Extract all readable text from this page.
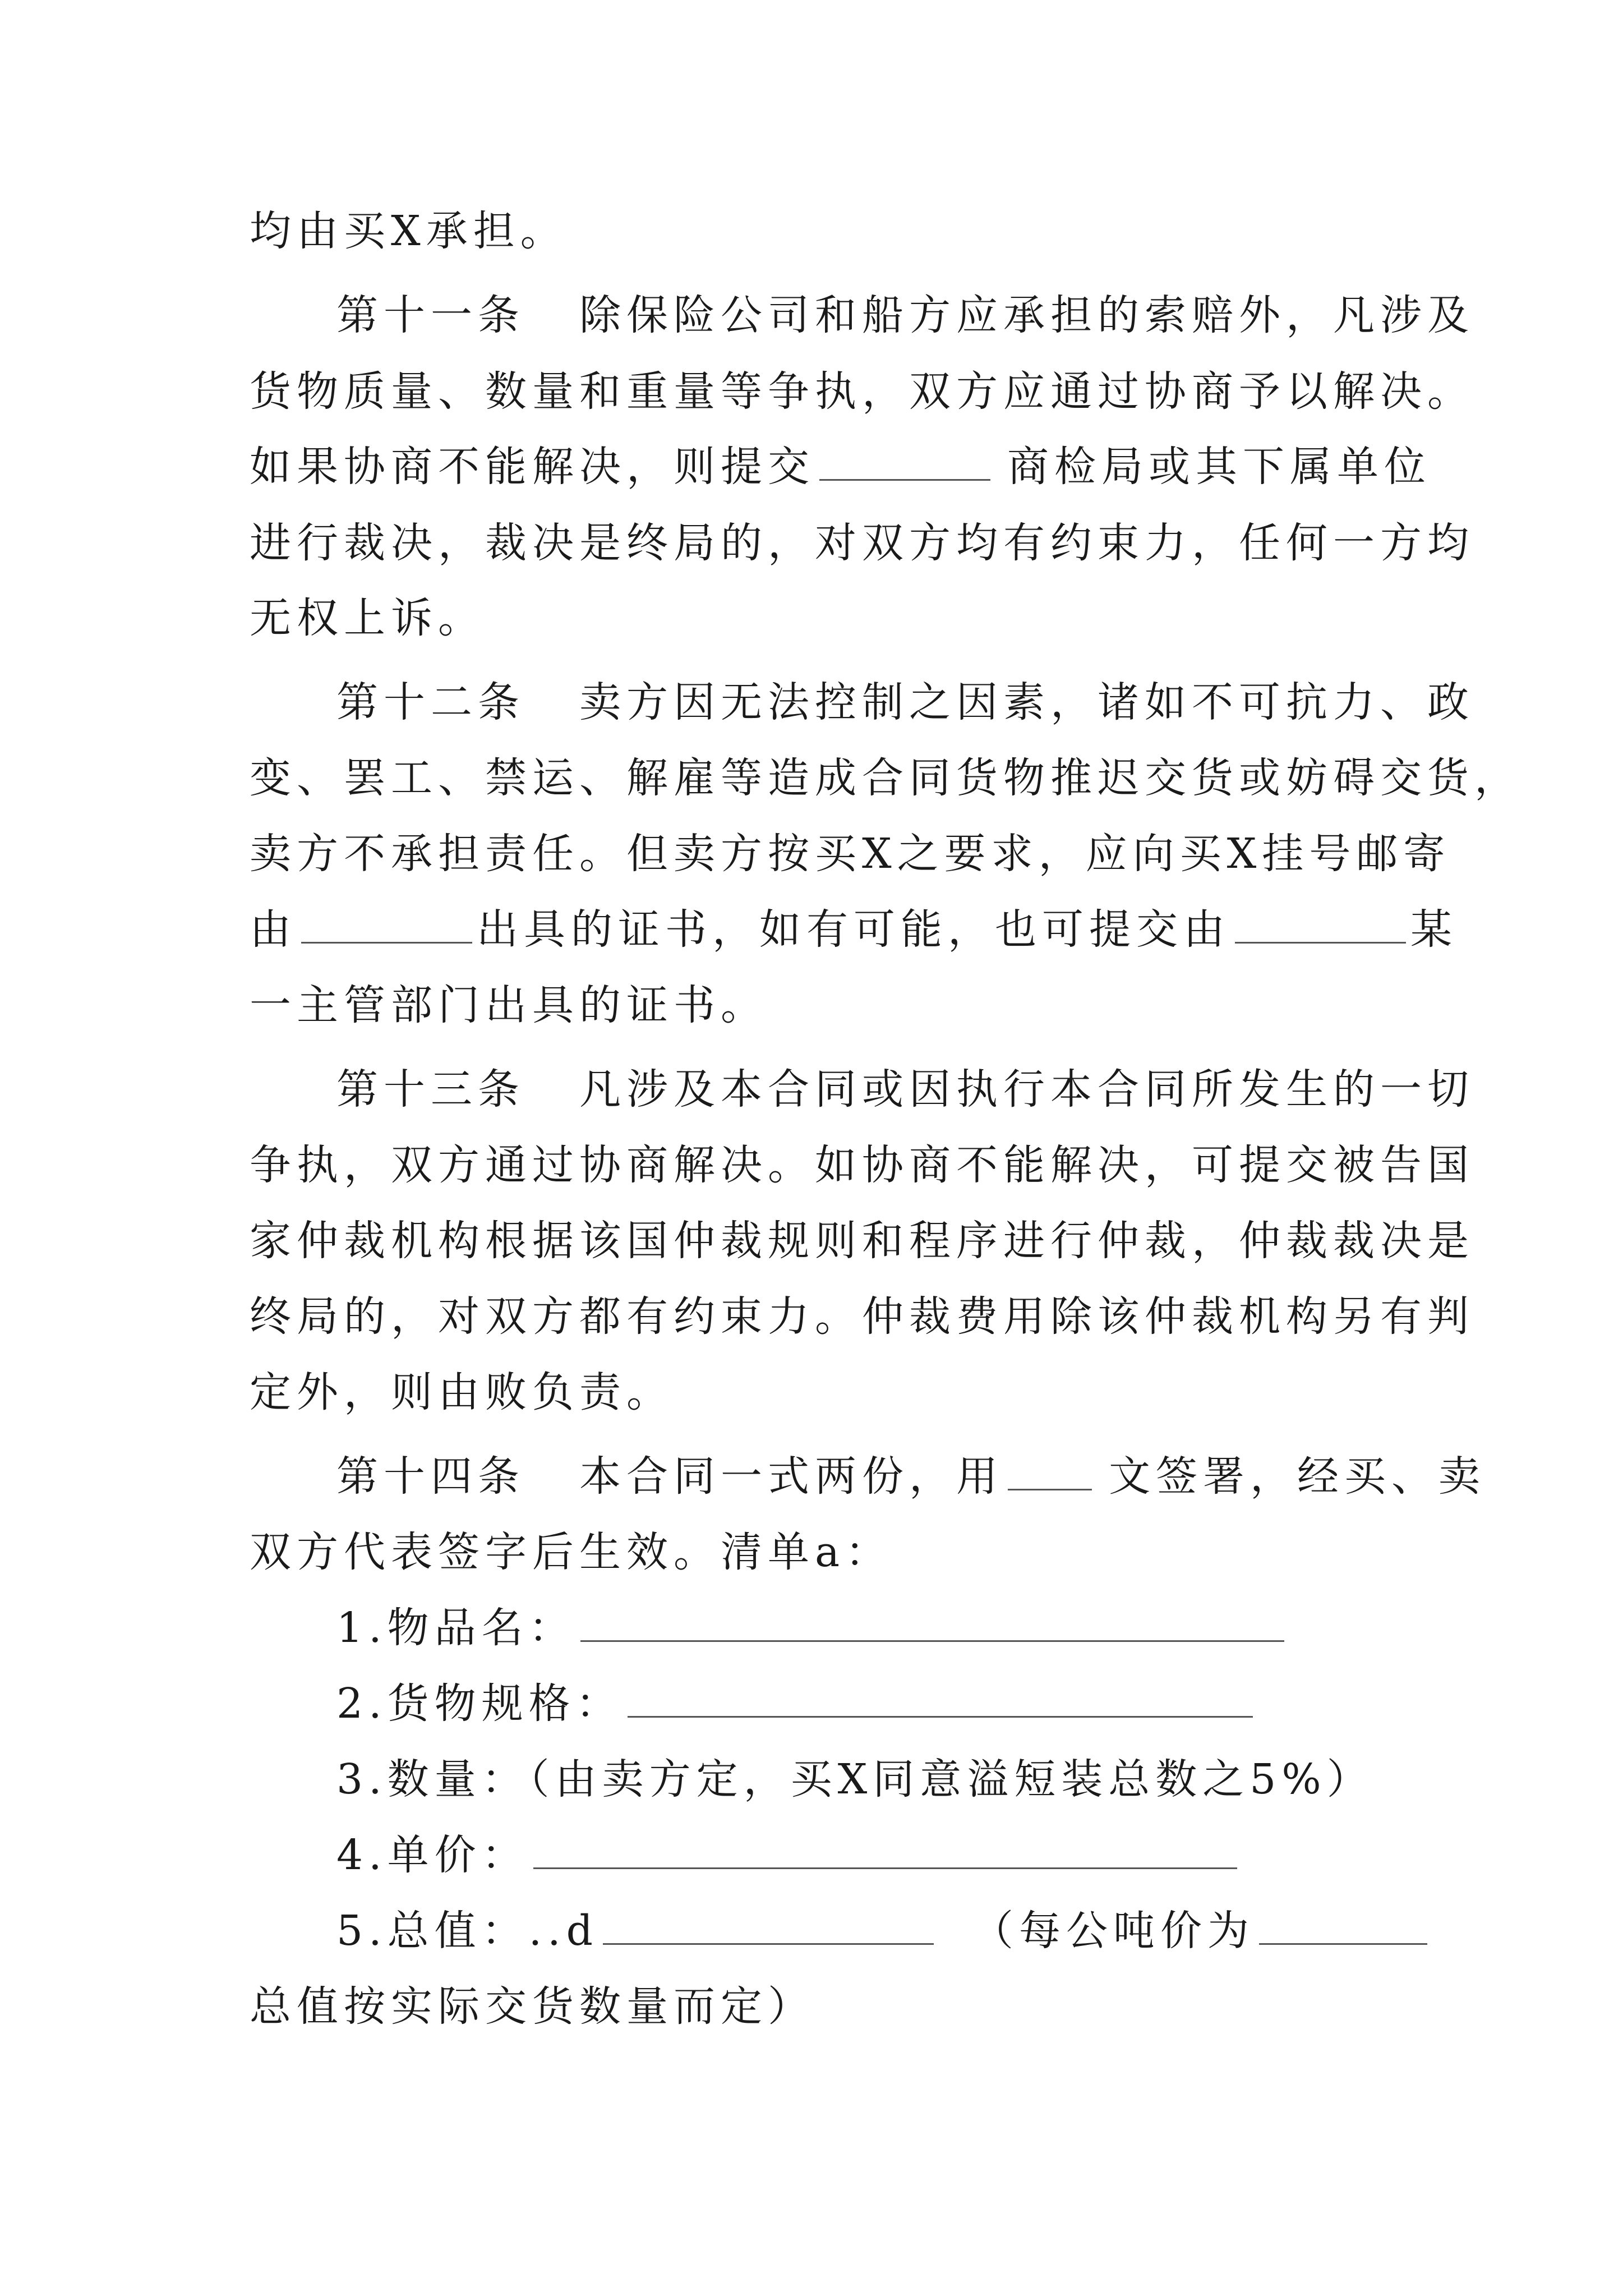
均由买X承担。
第十一条 除保险公司和船方应承担的索赔外，凡涉及
货物质量、数量和重量等争执，双方应通过协商予以解决。
如果协商不能解决，则提交	商检局或其下属单位
进行裁决，裁决是终局的，对双方均有约束力，任何一方均
无权上诉。
第十二条 卖方因无法控制之因素，诸如不可抗力、政
变、罢工、禁运、解雇等造成合同货物推迟交货或妨碍交货，
卖方不承担责任。但卖方按买X之要求，应向买X挂号邮寄
由	出具的证书，如有可能，也可提交由	某
一主管部门出具的证书。
第十三条 凡涉及本合同或因执行本合同所发生的一切
争执，双方通过协商解决。如协商不能解决，可提交被告国
家仲裁机构根据该国仲裁规则和程序进行仲裁，仲裁裁决是
终局的，对双方都有约束力。仲裁费用除该仲裁机构另有判
定外，则由败负责。
第十四条 本合同一式两份，用	文签署，经买、卖
双方代表签字后生效。清单a：
1.物品名：
2.货物规格：
3.数量：（由卖方定，买X同意溢短装总数之5%）
4.单价：
5.总值：..d	（每公吨价为
总值按实际交货数量而定）
